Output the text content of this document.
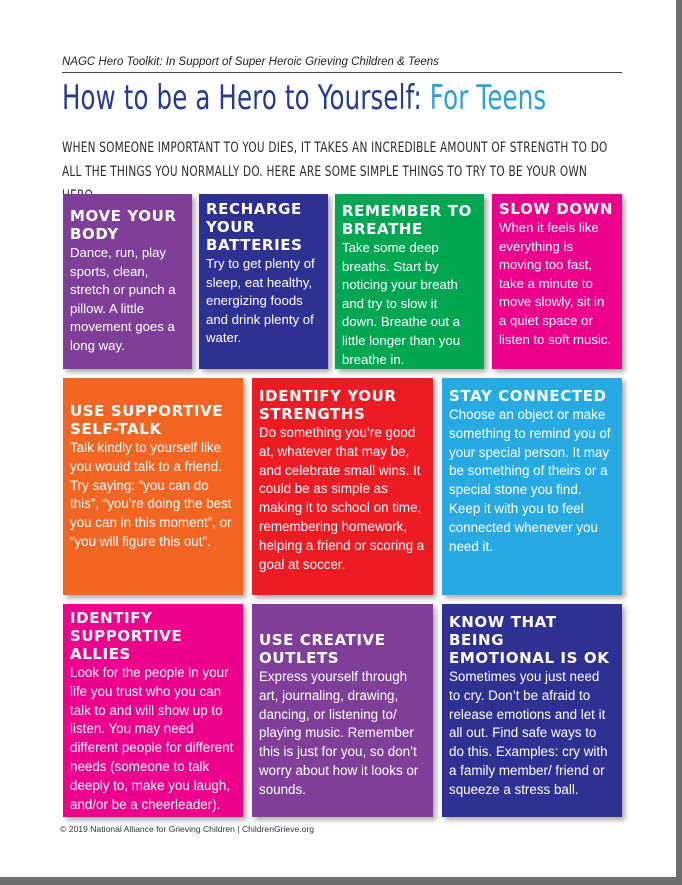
NAGC Hero Toolkit: In Support of Super Heroic Grieving Children & Teens
How to be a Hero to Yourself: For Teens
WHEN SOMEONE IMPORTANT TO YOU DIES, IT TAKES AN INCREDIBLE AMOUNT OF STRENGTH TO DO ALL THE THINGS YOU NORMALLY DO. HERE ARE SOME SIMPLE THINGS TO TRY TO BE YOUR OWN
MOVE YOUR BODY
Dance, run, play sports, clean, stretch or punch a pillow. A little movement goes a long way.
RECHARGE YOUR BATTERIES
Try to get plenty of sleep, eat healthy, energizing foods and drink plenty of water.
REMEMBER TO BREATHE
Take some deep breaths. Start by noticing your breath and try to slow it down. Breathe out a little longer than you breathe in.
SLOW DOWN
When it feels like everything is moving too fast, take a minute to move slowly, sit in a quiet space or listen to soft music.
USE SUPPORTIVE SELF-TALK
Talk kindly to yourself like you would talk to a friend. Try saying: “you can do this”, “you’re doing the best you can in this moment”, or “you will figure this out”.
IDENTIFY YOUR STRENGTHS
Do something you’re good at, whatever that may be, and celebrate small wins. It could be as simple as making it to school on time, remembering homework, helping a friend or scoring a goal at soccer.
STAY CONNECTED
Choose an object or make something to remind you of your special person. It may be something of theirs or a special stone you find. Keep it with you to feel connected whenever you need it.
IDENTIFY SUPPORTIVE ALLIES
Look for the people in your life you trust who you can talk to and will show up to listen. You may need different people for different needs (someone to talk deeply to, make you laugh, and/or be a cheerleader).
USE CREATIVE OUTLETS
Express yourself through art, journaling, drawing, dancing, or listening to/ playing music. Remember this is just for you, so don’t worry about how it looks or sounds.
KNOW THAT BEING EMOTIONAL IS OK
Sometimes you just need to cry. Don’t be afraid to release emotions and let it all out. Find safe ways to do this. Examples: cry with a family member/ friend or squeeze a stress ball.
© 2019 National Alliance for Grieving Children | ChildrenGrieve.org
